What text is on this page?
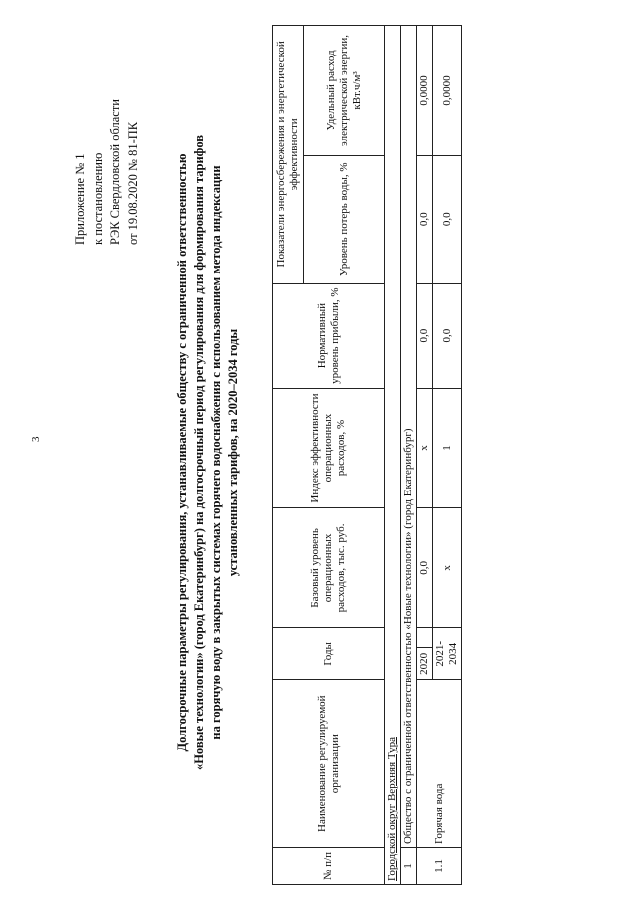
3
Приложение № 1 к постановлению РЭК Свердловской области от 19.08.2020 № 81-ПК	Долгосрочные параметры регулирования, устанавливаемые обществу с ограниченной ответственностью «Новые технологии» (город Екатеринбург) на долгосрочный период регулирования для формирования тарифов на горячую воду в закрытых системах горячего водоснабжения с использованием метода индексации установленных тарифов, на 2020–2034 годы
№ п/п	Наименование регулируемой организации	Годы		Базовый уровень операционных расходов, тыс. руб.	Индекс эффективности операционных расходов, %	Нормативный уровень прибыли, %	Показатели энергосбережения и энергетической эффективности	
							Уровень потерь воды, %	Удельный расход электрической энергии, кВт.ч/м³
Городской округ Верхняя Тура								
1	Общество с ограниченной ответственностью «Новые технологии» (город Екатеринбург)							
1.1	Горячая вода	2020		0,0	x	0,0	0,0	0,0000
		2021-2034		x	1	0,0	0,0	0,0000
